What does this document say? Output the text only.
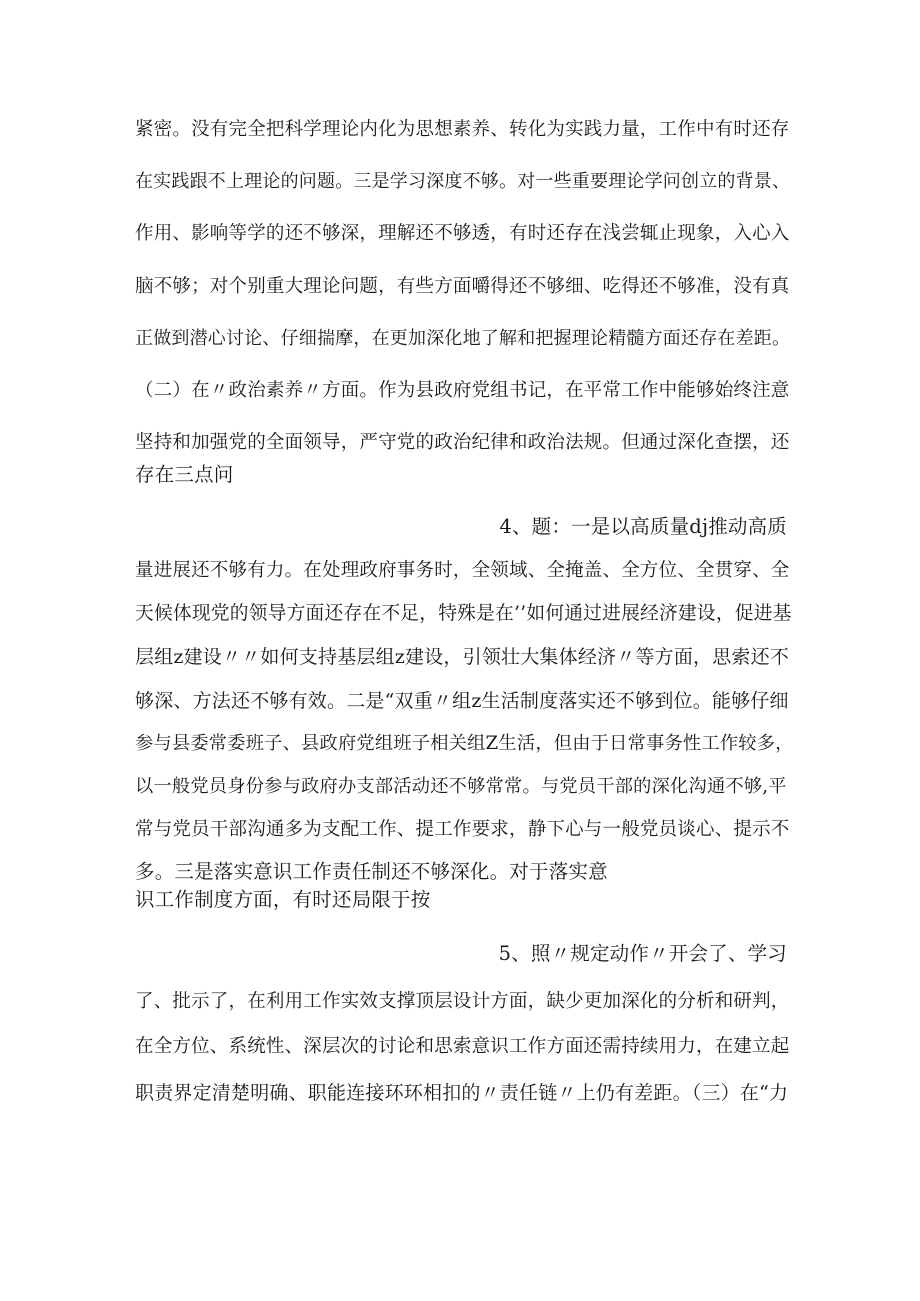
紧密。没有完全把科学理论内化为思想素养、转化为实践力量，工作中有时还存
在实践跟不上理论的问题。三是学习深度不够。对一些重要理论学问创立的背景、
作用、影响等学的还不够深，理解还不够透，有时还存在浅尝辄止现象，入心入
脑不够；对个别重大理论问题，有些方面嚼得还不够细、吃得还不够准，没有真
正做到潜心讨论、仔细揣摩，在更加深化地了解和把握理论精髓方面还存在差距。
（二）在〃政治素养〃方面。作为县政府党组书记，在平常工作中能够始终注意
坚持和加强党的全面领导，严守党的政治纪律和政治法规。但通过深化查摆，还
存在三点问
4、题：一是以高质量dj推动高质
量进展还不够有力。在处理政府事务时，全领域、全掩盖、全方位、全贯穿、全
天候体现党的领导方面还存在不足，特殊是在’’如何通过进展经济建设，促进基
层组z建设〃〃如何支持基层组z建设，引领壮大集体经济〃等方面，思索还不
够深、方法还不够有效。二是“双重〃组z生活制度落实还不够到位。能够仔细
参与县委常委班子、县政府党组班子相关组Z生活，但由于日常事务性工作较多，
以一般党员身份参与政府办支部活动还不够常常。与党员干部的深化沟通不够,平
常与党员干部沟通多为支配工作、提工作要求，静下心与一般党员谈心、提示不
多。三是落实意识工作责任制还不够深化。对于落实意
识工作制度方面，有时还局限于按
5、照〃规定动作〃开会了、学习
了、批示了，在利用工作实效支撑顶层设计方面，缺少更加深化的分析和研判，
在全方位、系统性、深层次的讨论和思索意识工作方面还需持续用力，在建立起
职责界定清楚明确、职能连接环环相扣的〃责任链〃上仍有差距。（三）在“力
